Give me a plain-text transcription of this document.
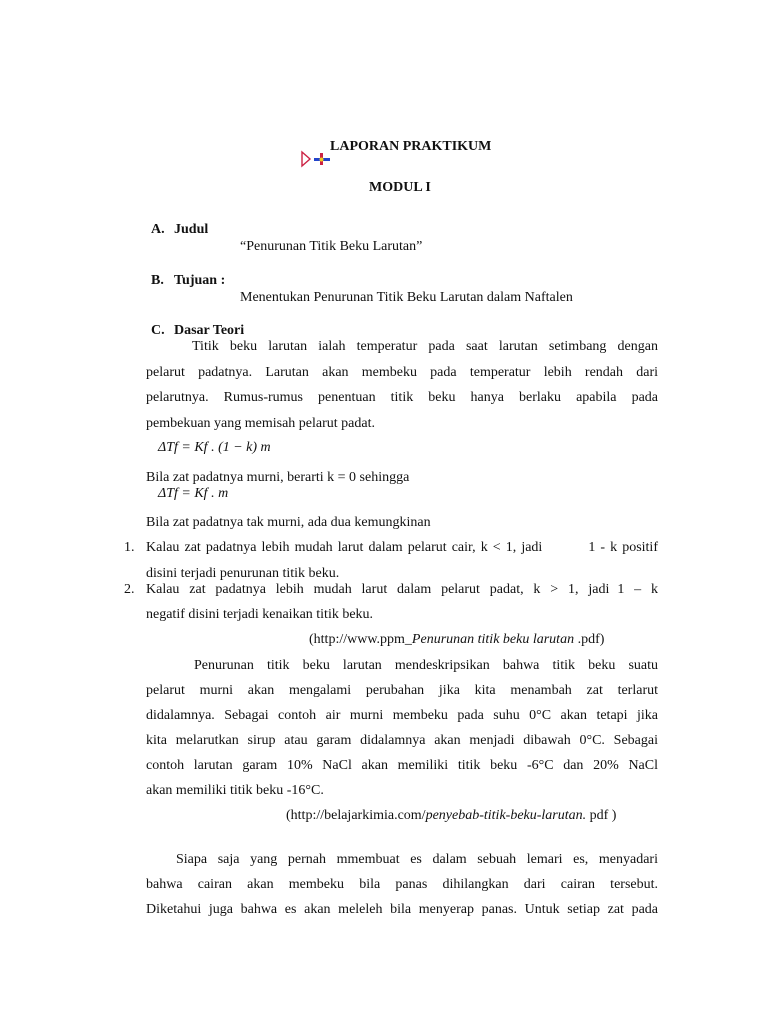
LAPORAN PRAKTIKUM
MODUL I
A. Judul
“Penurunan Titik Beku Larutan”
B. Tujuan :
Menentukan Penurunan Titik Beku Larutan dalam Naftalen
C. Dasar Teori
Titik beku larutan ialah temperatur pada saat larutan setimbang dengan
pelarut padatnya. Larutan akan membeku pada temperatur lebih rendah dari
pelarutnya. Rumus-rumus penentuan titik beku hanya berlaku apabila pada
pembekuan yang memisah pelarut padat.
ΔTf = Kf . (1 − k) m
Bila zat padatnya murni, berarti k = 0 sehingga
ΔTf = Kf . m
Bila zat padatnya tak murni, ada dua kemungkinan
1. Kalau zat padatnya lebih mudah larut dalam pelarut cair, k < 1, jadi	1 - k positif
disini terjadi penurunan titik beku.
2. Kalau zat padatnya lebih mudah larut dalam pelarut padat, k > 1, jadi 1 – k
negatif disini terjadi kenaikan titik beku.
(http://www.ppm_Penurunan titik beku larutan .pdf)
Penurunan titik beku larutan mendeskripsikan bahwa titik beku suatu
pelarut murni akan mengalami perubahan jika kita menambah zat terlarut
didalamnya. Sebagai contoh air murni membeku pada suhu 0°C akan tetapi jika
kita melarutkan sirup atau garam didalamnya akan menjadi dibawah 0°C. Sebagai
contoh larutan garam 10% NaCl akan memiliki titik beku -6°C dan 20% NaCl
akan memiliki titik beku -16°C.
(http://belajarkimia.com/penyebab-titik-beku-larutan. pdf )
Siapa saja yang pernah mmembuat es dalam sebuah lemari es, menyadari
bahwa cairan akan membeku bila panas dihilangkan dari cairan tersebut.
Diketahui juga bahwa es akan meleleh bila menyerap panas. Untuk setiap zat pada
